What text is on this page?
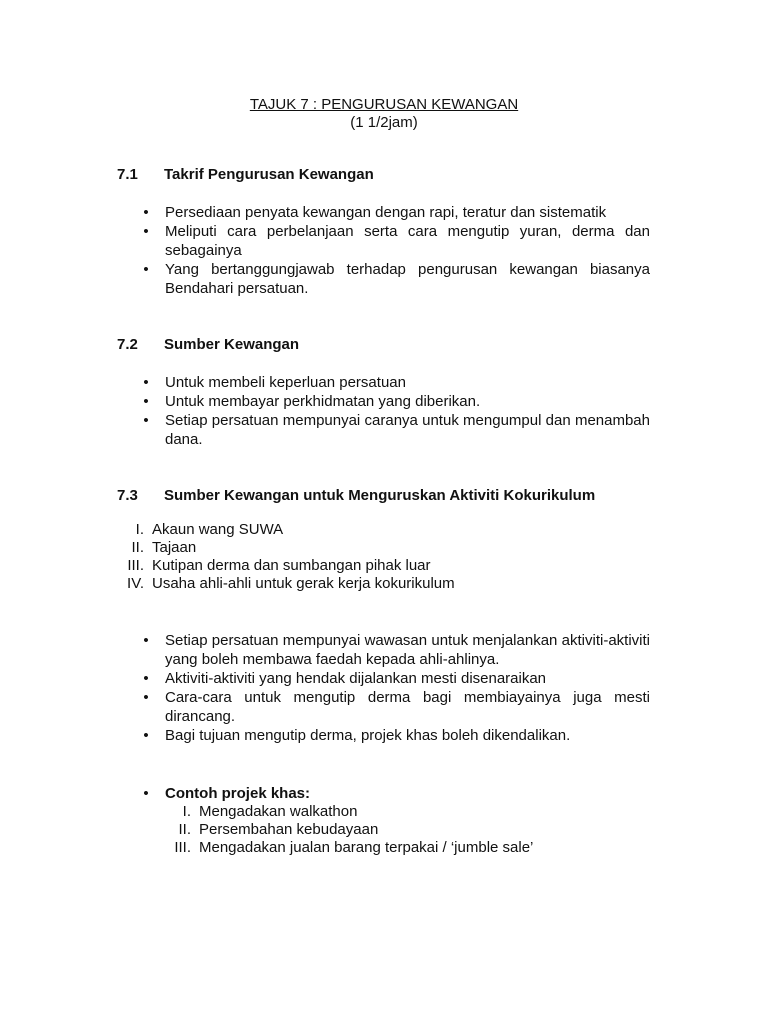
TAJUK 7 : PENGURUSAN KEWANGAN
(1 1/2jam)
7.1 Takrif Pengurusan Kewangan
• Persediaan penyata kewangan dengan rapi, teratur dan sistematik
• Meliputi cara perbelanjaan serta cara mengutip yuran, derma dan sebagainya
• Yang bertanggungjawab terhadap pengurusan kewangan biasanya Bendahari persatuan.
7.2 Sumber Kewangan
• Untuk membeli keperluan persatuan
• Untuk membayar perkhidmatan yang diberikan.
• Setiap persatuan mempunyai caranya untuk mengumpul dan menambah dana.
7.3 Sumber Kewangan untuk Menguruskan Aktiviti Kokurikulum
I. Akaun wang SUWA
II. Tajaan
III. Kutipan derma dan sumbangan pihak luar
IV. Usaha ahli-ahli untuk gerak kerja kokurikulum
• Setiap persatuan mempunyai wawasan untuk menjalankan aktiviti-aktiviti yang boleh membawa faedah kepada ahli-ahlinya.
• Aktiviti-aktiviti yang hendak dijalankan mesti disenaraikan
• Cara-cara untuk mengutip derma bagi membiayainya juga mesti dirancang.
• Bagi tujuan mengutip derma, projek khas boleh dikendalikan.
• Contoh projek khas:
I. Mengadakan walkathon
II. Persembahan kebudayaan
III. Mengadakan jualan barang terpakai / ‘jumble sale’
